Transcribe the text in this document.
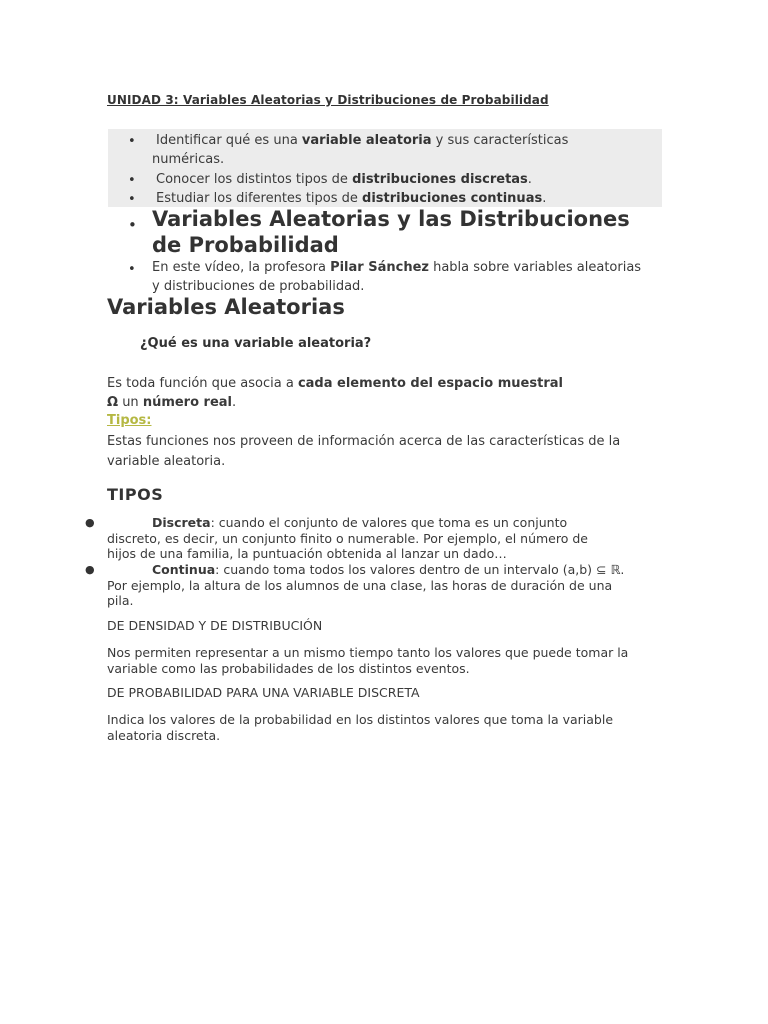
UNIDAD 3: Variables Aleatorias y Distribuciones de Probabilidad
• Identificar qué es una variable aleatoria y sus características
numéricas.
• Conocer los distintos tipos de distribuciones discretas.
• Estudiar los diferentes tipos de distribuciones continuas.
• Variables Aleatorias y las Distribuciones
de Probabilidad
• En este vídeo, la profesora Pilar Sánchez habla sobre variables aleatorias
y distribuciones de probabilidad.
Variables Aleatorias
¿Qué es una variable aleatoria?
Es toda función que asocia a cada elemento del espacio muestral
Ω un número real.
Tipos:
Estas funciones nos proveen de información acerca de las características de la
variable aleatoria.
TIPOS
●	Discreta: cuando el conjunto de valores que toma es un conjunto
discreto, es decir, un conjunto finito o numerable. Por ejemplo, el número de
hijos de una familia, la puntuación obtenida al lanzar un dado…
●	Continua: cuando toma todos los valores dentro de un intervalo (a,b) ⊆ ℝ.
Por ejemplo, la altura de los alumnos de una clase, las horas de duración de una
pila.
DE DENSIDAD Y DE DISTRIBUCIÓN
Nos permiten representar a un mismo tiempo tanto los valores que puede tomar la
variable como las probabilidades de los distintos eventos.
DE PROBABILIDAD PARA UNA VARIABLE DISCRETA
Indica los valores de la probabilidad en los distintos valores que toma la variable
aleatoria discreta.
